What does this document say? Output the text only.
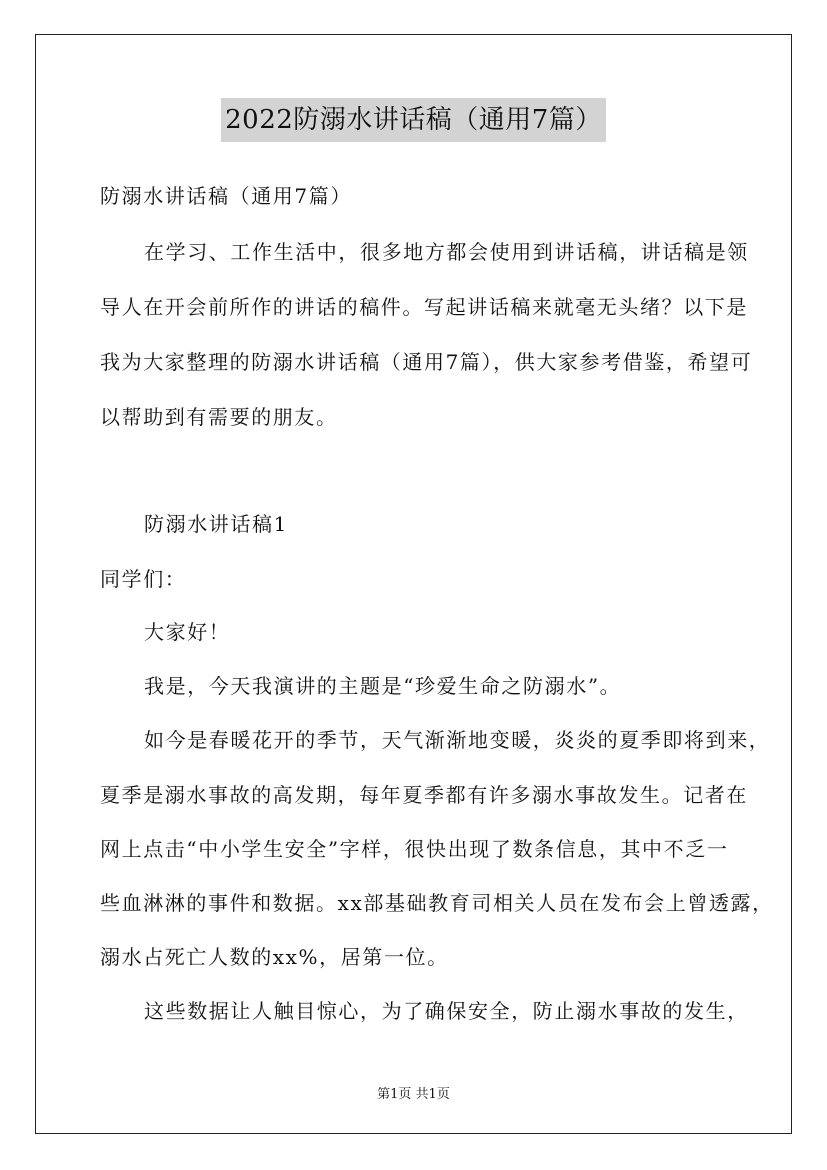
2022防溺水讲话稿（通用7篇）
防溺水讲话稿（通用7篇）
在学习、工作生活中，很多地方都会使用到讲话稿，讲话稿是领
导人在开会前所作的讲话的稿件。写起讲话稿来就毫无头绪？以下是
我为大家整理的防溺水讲话稿（通用7篇），供大家参考借鉴，希望可
以帮助到有需要的朋友。
防溺水讲话稿1
同学们：
大家好！
我是，今天我演讲的主题是“珍爱生命之防溺水”。
如今是春暖花开的季节，天气渐渐地变暖，炎炎的夏季即将到来，
夏季是溺水事故的高发期，每年夏季都有许多溺水事故发生。记者在
网上点击“中小学生安全”字样，很快出现了数条信息，其中不乏一
些血淋淋的事件和数据。xx部基础教育司相关人员在发布会上曾透露，
溺水占死亡人数的xx%，居第一位。
这些数据让人触目惊心，为了确保安全，防止溺水事故的发生，
第1页 共1页
